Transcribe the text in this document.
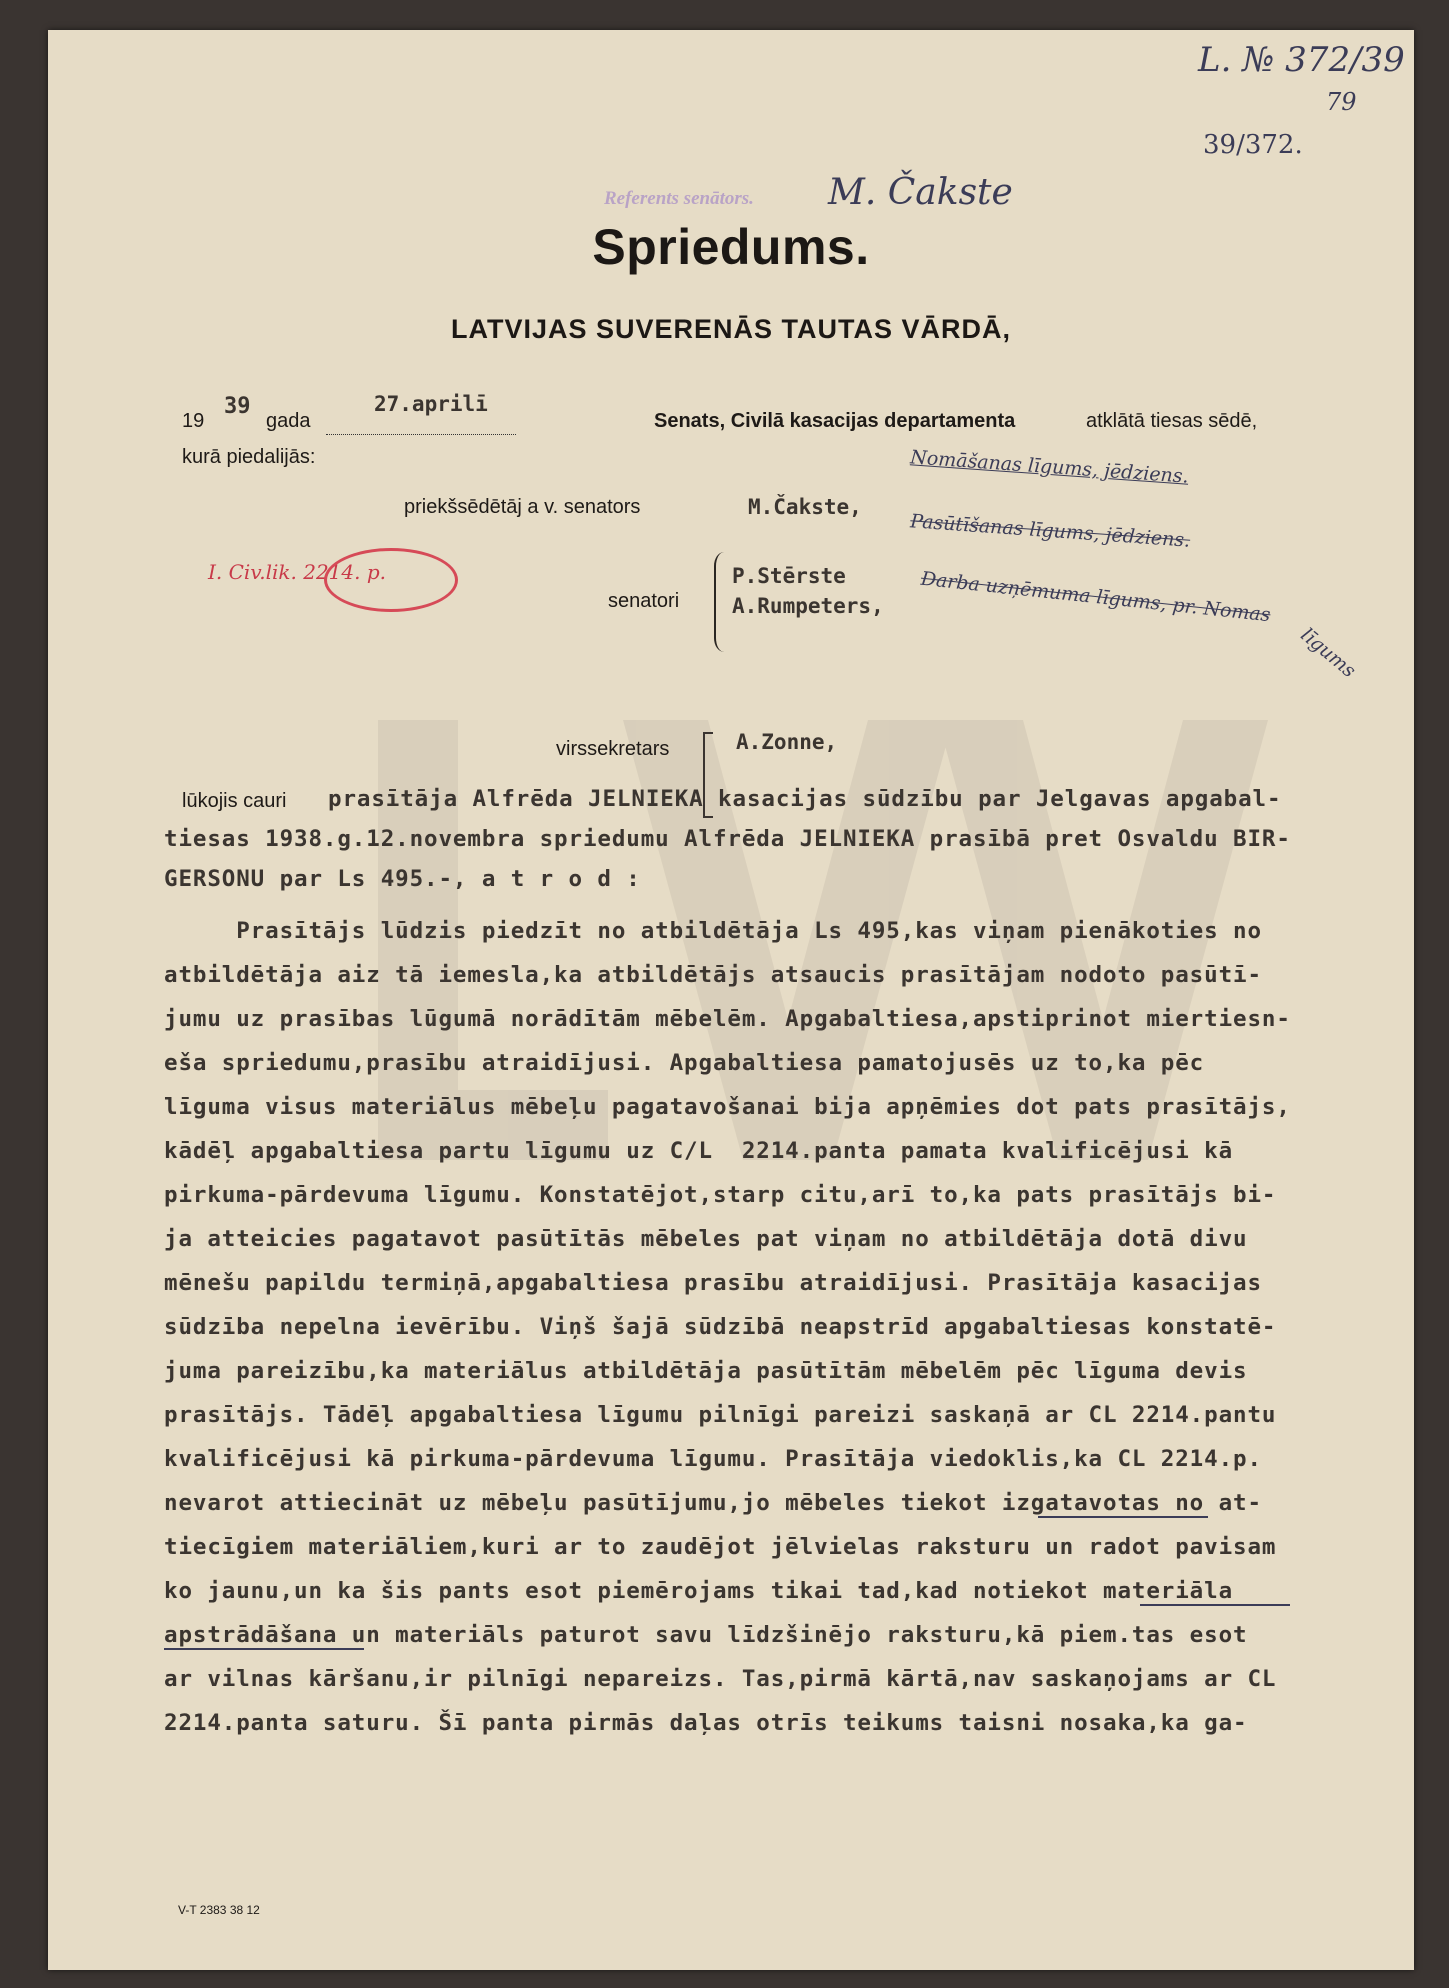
L. № 372/39
79
39/372.
Referents senātors. M. Čakste
Spriedums.
LATVIJAS SUVERENĀS TAUTAS VĀRDĀ,
19
39
gada
27.aprilī
Senats, Civilā kasacijas departamenta	atklātā tiesas sēdē,
kurā piedalijās:	Nomāšanas līgums, jēdziens.
Pasūtīšanas līgums, jēdziens.
Darba uzņēmuma līgums, pr. Nomas
līgums
priekšsēdētāj a v. senators	M.Čakste,
I. Civ.lik. 2214. p.
senatori
P.Stērste
A.Rumpeters,
virssekretars	A.Zonne,
lūkojis cauri prasītāja Alfrēda JELNIEKA kasacijas sūdzību par Jelgavas apgabal-
tiesas 1938.g.12.novembra spriedumu Alfrēda JELNIEKA prasībā pret Osvaldu BIR-
GERSONU par Ls 495.-, a t r o d :
Prasītājs lūdzis piedzīt no atbildētāja Ls 495,kas viņam pienākoties no
atbildētāja aiz tā iemesla,ka atbildētājs atsaucis prasītājam nodoto pasūtī-
jumu uz prasības lūgumā norādītām mēbelēm. Apgabaltiesa,apstiprinot miertiesn-
eša spriedumu,prasību atraidījusi. Apgabaltiesa pamatojusēs uz to,ka pēc
līguma visus materiālus mēbeļu pagatavošanai bija apņēmies dot pats prasītājs,
kādēļ apgabaltiesa partu līgumu uz C/L  2214.panta pamata kvalificējusi kā
pirkuma-pārdevuma līgumu. Konstatējot,starp citu,arī to,ka pats prasītājs bi-
ja atteicies pagatavot pasūtītās mēbeles pat viņam no atbildētāja dotā divu
mēnešu papildu termiņā,apgabaltiesa prasību atraidījusi. Prasītāja kasacijas
sūdzība nepelna ievērību. Viņš šajā sūdzībā neapstrīd apgabaltiesas konstatē-
juma pareizību,ka materiālus atbildētāja pasūtītām mēbelēm pēc līguma devis
prasītājs. Tādēļ apgabaltiesa līgumu pilnīgi pareizi saskaņā ar CL 2214.pantu
kvalificējusi kā pirkuma-pārdevuma līgumu. Prasītāja viedoklis,ka CL 2214.p.
nevarot attiecināt uz mēbeļu pasūtījumu,jo mēbeles tiekot izgatavotas no at-
tiecīgiem materiāliem,kuri ar to zaudējot jēlvielas raksturu un radot pavisam
ko jaunu,un ka šis pants esot piemērojams tikai tad,kad notiekot materiāla
apstrādāšana un materiāls paturot savu līdzšinējo raksturu,kā piem.tas esot
ar vilnas kāršanu,ir pilnīgi nepareizs. Tas,pirmā kārtā,nav saskaņojams ar CL
2214.panta saturu. Šī panta pirmās daļas otrīs teikums taisni nosaka,ka ga-
V-T 2383 38 12
